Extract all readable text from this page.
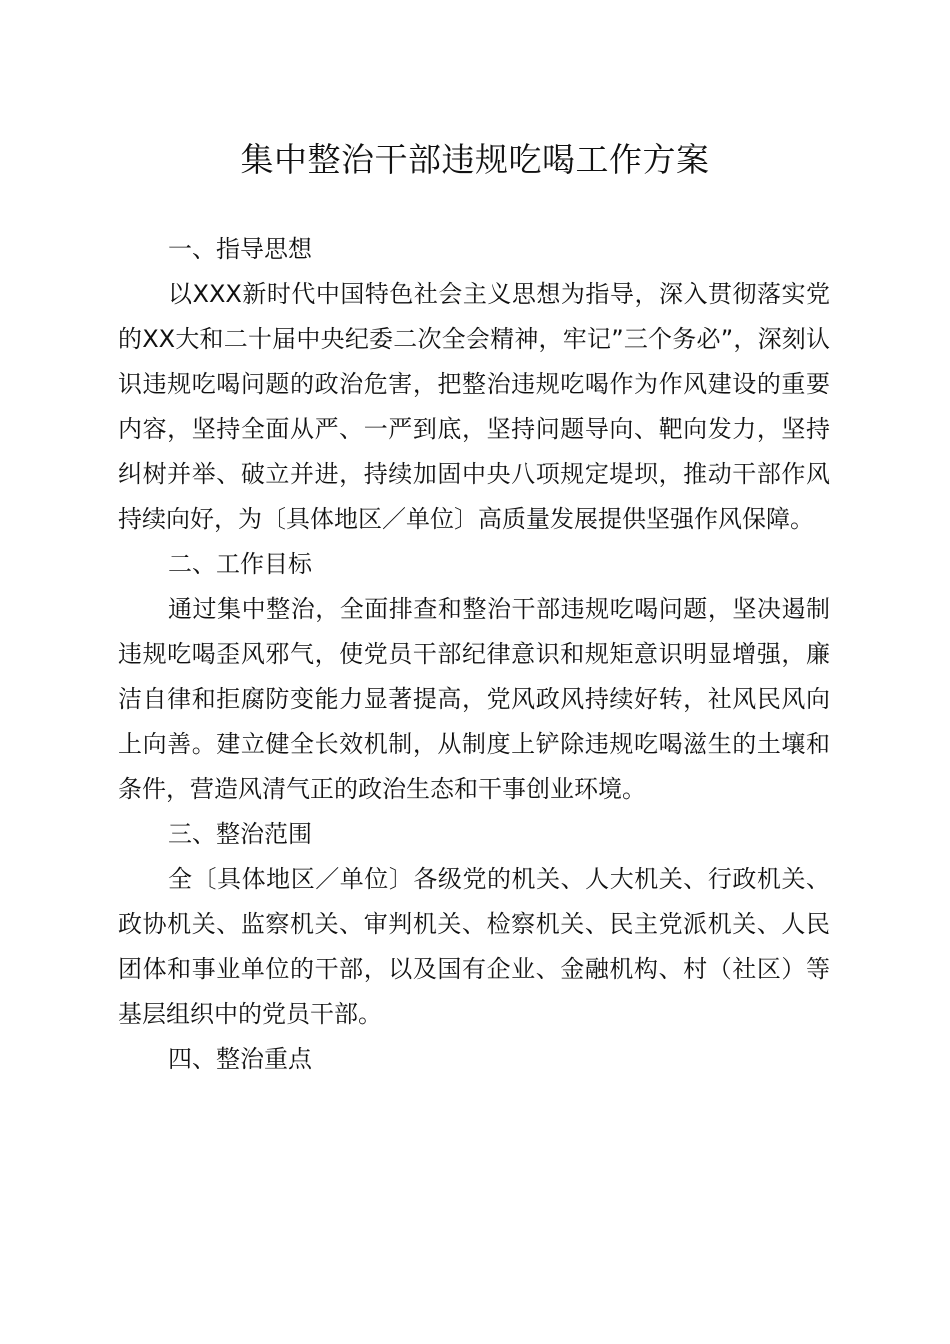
集中整治干部违规吃喝工作方案

一、指导思想

以XXX新时代中国特色社会主义思想为指导，深入贯彻落实党的XX大和二十届中央纪委二次全会精神，牢记”三个务必”，深刻认识违规吃喝问题的政治危害，把整治违规吃喝作为作风建设的重要内容，坚持全面从严、一严到底，坚持问题导向、靶向发力，坚持纠树并举、破立并进，持续加固中央八项规定堤坝，推动干部作风持续向好，为〔具体地区／单位〕高质量发展提供坚强作风保障。

二、工作目标

通过集中整治，全面排查和整治干部违规吃喝问题，坚决遏制违规吃喝歪风邪气，使党员干部纪律意识和规矩意识明显增强，廉洁自律和拒腐防变能力显著提高，党风政风持续好转，社风民风向上向善。建立健全长效机制，从制度上铲除违规吃喝滋生的土壤和条件，营造风清气正的政治生态和干事创业环境。

三、整治范围

全〔具体地区／单位〕各级党的机关、人大机关、行政机关、政协机关、监察机关、审判机关、检察机关、民主党派机关、人民团体和事业单位的干部，以及国有企业、金融机构、村（社区）等基层组织中的党员干部。

四、整治重点
